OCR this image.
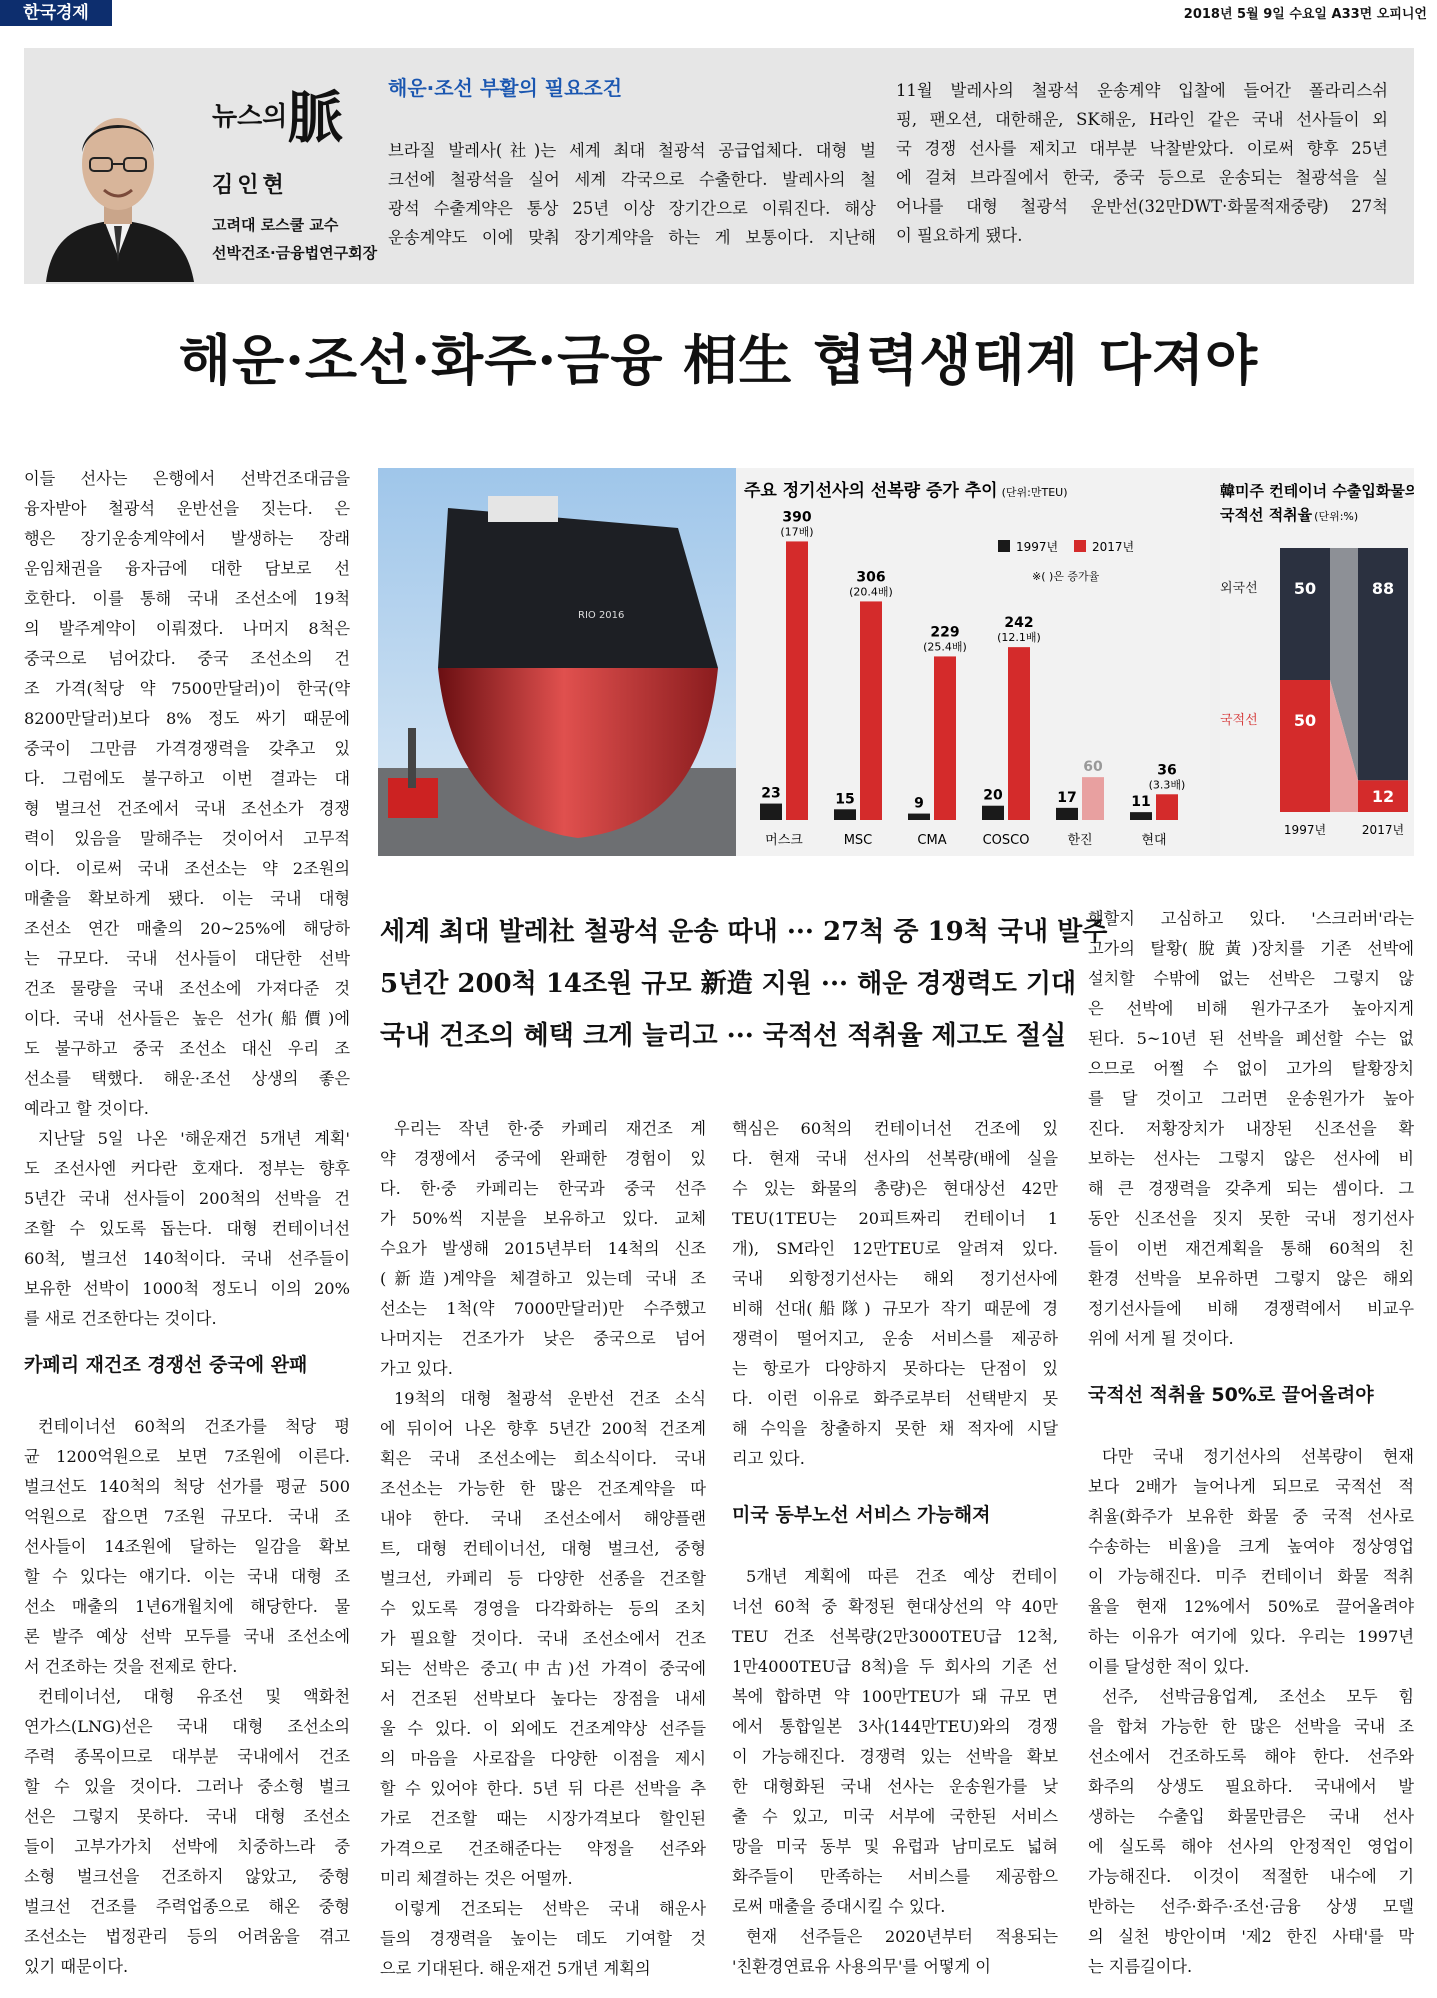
한국경제	2018년 5월 9일 수요일 A33면 오피니언
뉴스의脈
김인현
고려대 로스쿨 교수
선박건조·금융법연구회장
해운·조선 부활의 필요조건
브라질 발레사(社)는 세계 최대 철광석 공급업체다. 대형 벌
크선에 철광석을 실어 세계 각국으로 수출한다. 발레사의 철
광석 수출계약은 통상 25년 이상 장기간으로 이뤄진다. 해상
운송계약도 이에 맞춰 장기계약을 하는 게 보통이다. 지난해
11월 발레사의 철광석 운송계약 입찰에 들어간 폴라리스쉬
핑, 팬오션, 대한해운, SK해운, H라인 같은 국내 선사들이 외
국 경쟁 선사를 제치고 대부분 낙찰받았다. 이로써 향후 25년
에 걸쳐 브라질에서 한국, 중국 등으로 운송되는 철광석을 실
어나를 대형 철광석 운반선(32만DWT·화물적재중량) 27척
이 필요하게 됐다.
해운·조선·화주·금융 相生 협력생태계 다져야
이들 선사는 은행에서 선박건조대금을
융자받아 철광석 운반선을 짓는다. 은
행은 장기운송계약에서 발생하는 장래
운임채권을 융자금에 대한 담보로 선
호한다. 이를 통해 국내 조선소에 19척
의 발주계약이 이뤄졌다. 나머지 8척은
중국으로 넘어갔다. 중국 조선소의 건
조 가격(척당 약 7500만달러)이 한국(약
8200만달러)보다 8% 정도 싸기 때문에
중국이 그만큼 가격경쟁력을 갖추고 있
다. 그럼에도 불구하고 이번 결과는 대
형 벌크선 건조에서 국내 조선소가 경쟁
력이 있음을 말해주는 것이어서 고무적
이다. 이로써 국내 조선소는 약 2조원의
매출을 확보하게 됐다. 이는 국내 대형
조선소 연간 매출의 20~25%에 해당하
는 규모다. 국내 선사들이 대단한 선박
건조 물량을 국내 조선소에 가져다준 것
이다. 국내 선사들은 높은 선가(船價)에
도 불구하고 중국 조선소 대신 우리 조
선소를 택했다. 해운·조선 상생의 좋은
예라고 할 것이다.
지난달 5일 나온 '해운재건 5개년 계획'
도 조선사엔 커다란 호재다. 정부는 향후
5년간 국내 선사들이 200척의 선박을 건
조할 수 있도록 돕는다. 대형 컨테이너선
60척, 벌크선 140척이다. 국내 선주들이
보유한 선박이 1000척 정도니 이의 20%
를 새로 건조한다는 것이다.
카페리 재건조 경쟁선 중국에 완패
컨테이너선 60척의 건조가를 척당 평
균 1200억원으로 보면 7조원에 이른다.
벌크선도 140척의 척당 선가를 평균 500
억원으로 잡으면 7조원 규모다. 국내 조
선사들이 14조원에 달하는 일감을 확보
할 수 있다는 얘기다. 이는 국내 대형 조
선소 매출의 1년6개월치에 해당한다. 물
론 발주 예상 선박 모두를 국내 조선소에
서 건조하는 것을 전제로 한다.
컨테이너선, 대형 유조선 및 액화천
연가스(LNG)선은 국내 대형 조선소의
주력 종목이므로 대부분 국내에서 건조
할 수 있을 것이다. 그러나 중소형 벌크
선은 그렇지 못하다. 국내 대형 조선소
들이 고부가가치 선박에 치중하느라 중
소형 벌크선을 건조하지 않았고, 중형
벌크선 건조를 주력업종으로 해온 중형
조선소는 법정관리 등의 어려움을 겪고
있기 때문이다.
RIO 2016
주요 정기선사의 선복량 증가 추이 (단위:만TEU)
1997년	2017년
※( )은 증가율
23
390
(17배)
머스크
15
306
(20.4배)
MSC
9
229
(25.4배)
CMA
20
242
(12.1배)
COSCO
17
60
한진
11
36
(3.3배)
현대
韓미주 컨테이너 수출입화물의
국적선 적취율 (단위:%)
50
50
1997년
88
12
2017년
외국선
국적선
세계 최대 발레社 철광석 운송 따내 ··· 27척 중 19척 국내 발주
5년간 200척 14조원 규모 新造 지원 ··· 해운 경쟁력도 기대
국내 건조의 혜택 크게 늘리고 ··· 국적선 적취율 제고도 절실
우리는 작년 한·중 카페리 재건조 계
약 경쟁에서 중국에 완패한 경험이 있
다. 한·중 카페리는 한국과 중국 선주
가 50%씩 지분을 보유하고 있다. 교체
수요가 발생해 2015년부터 14척의 신조
(新造)계약을 체결하고 있는데 국내 조
선소는 1척(약 7000만달러)만 수주했고
나머지는 건조가가 낮은 중국으로 넘어
가고 있다.
19척의 대형 철광석 운반선 건조 소식
에 뒤이어 나온 향후 5년간 200척 건조계
획은 국내 조선소에는 희소식이다. 국내
조선소는 가능한 한 많은 건조계약을 따
내야 한다. 국내 조선소에서 해양플랜
트, 대형 컨테이너선, 대형 벌크선, 중형
벌크선, 카페리 등 다양한 선종을 건조할
수 있도록 경영을 다각화하는 등의 조치
가 필요할 것이다. 국내 조선소에서 건조
되는 선박은 중고(中古)선 가격이 중국에
서 건조된 선박보다 높다는 장점을 내세
울 수 있다. 이 외에도 건조계약상 선주들
의 마음을 사로잡을 다양한 이점을 제시
할 수 있어야 한다. 5년 뒤 다른 선박을 추
가로 건조할 때는 시장가격보다 할인된
가격으로 건조해준다는 약정을 선주와
미리 체결하는 것은 어떨까.
이렇게 건조되는 선박은 국내 해운사
들의 경쟁력을 높이는 데도 기여할 것
으로 기대된다. 해운재건 5개년 계획의
핵심은 60척의 컨테이너선 건조에 있
다. 현재 국내 선사의 선복량(배에 실을
수 있는 화물의 총량)은 현대상선 42만
TEU(1TEU는 20피트짜리 컨테이너 1
개), SM라인 12만TEU로 알려져 있다.
국내 외항정기선사는 해외 정기선사에
비해 선대(船隊) 규모가 작기 때문에 경
쟁력이 떨어지고, 운송 서비스를 제공하
는 항로가 다양하지 못하다는 단점이 있
다. 이런 이유로 화주로부터 선택받지 못
해 수익을 창출하지 못한 채 적자에 시달
리고 있다.
미국 동부노선 서비스 가능해져
5개년 계획에 따른 건조 예상 컨테이
너선 60척 중 확정된 현대상선의 약 40만
TEU 건조 선복량(2만3000TEU급 12척,
1만4000TEU급 8척)을 두 회사의 기존 선
복에 합하면 약 100만TEU가 돼 규모 면
에서 통합일본 3사(144만TEU)와의 경쟁
이 가능해진다. 경쟁력 있는 선박을 확보
한 대형화된 국내 선사는 운송원가를 낮
출 수 있고, 미국 서부에 국한된 서비스
망을 미국 동부 및 유럽과 남미로도 넓혀
화주들이 만족하는 서비스를 제공함으
로써 매출을 증대시킬 수 있다.
현재 선주들은 2020년부터 적용되는
'친환경연료유 사용의무'를 어떻게 이
행할지 고심하고 있다. '스크러버'라는
고가의 탈황(脫黃)장치를 기존 선박에
설치할 수밖에 없는 선박은 그렇지 않
은 선박에 비해 원가구조가 높아지게
된다. 5~10년 된 선박을 폐선할 수는 없
으므로 어쩔 수 없이 고가의 탈황장치
를 달 것이고 그러면 운송원가가 높아
진다. 저황장치가 내장된 신조선을 확
보하는 선사는 그렇지 않은 선사에 비
해 큰 경쟁력을 갖추게 되는 셈이다. 그
동안 신조선을 짓지 못한 국내 정기선사
들이 이번 재건계획을 통해 60척의 친
환경 선박을 보유하면 그렇지 않은 해외
정기선사들에 비해 경쟁력에서 비교우
위에 서게 될 것이다.
국적선 적취율 50%로 끌어올려야
다만 국내 정기선사의 선복량이 현재
보다 2배가 늘어나게 되므로 국적선 적
취율(화주가 보유한 화물 중 국적 선사로
수송하는 비율)을 크게 높여야 정상영업
이 가능해진다. 미주 컨테이너 화물 적취
율을 현재 12%에서 50%로 끌어올려야
하는 이유가 여기에 있다. 우리는 1997년
이를 달성한 적이 있다.
선주, 선박금융업계, 조선소 모두 힘
을 합쳐 가능한 한 많은 선박을 국내 조
선소에서 건조하도록 해야 한다. 선주와
화주의 상생도 필요하다. 국내에서 발
생하는 수출입 화물만큼은 국내 선사
에 실도록 해야 선사의 안정적인 영업이
가능해진다. 이것이 적절한 내수에 기
반하는 선주·화주·조선·금융 상생 모델
의 실천 방안이며 '제2 한진 사태'를 막
는 지름길이다.
